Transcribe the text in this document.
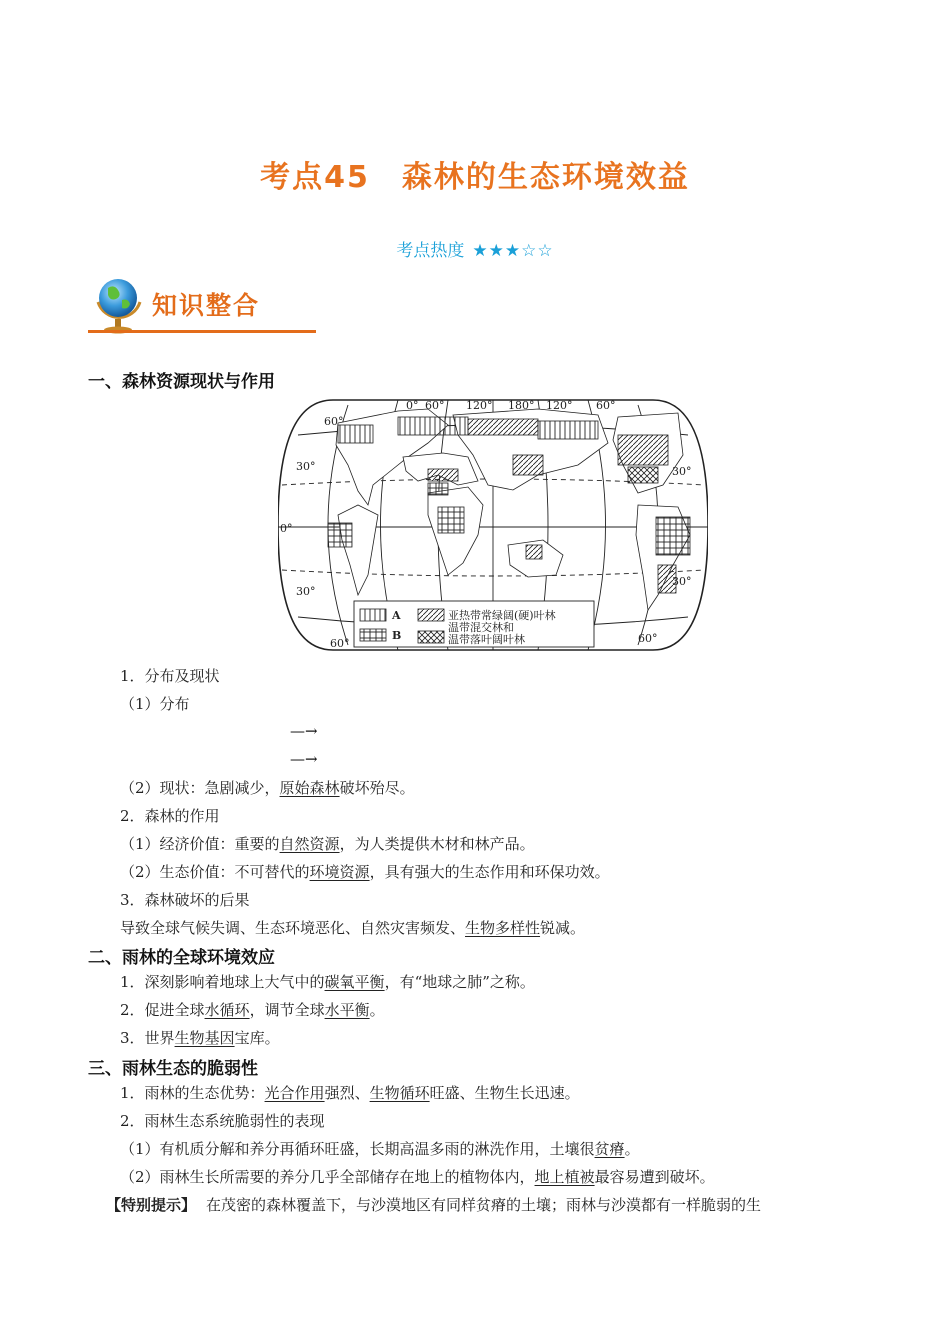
考点45　森林的生态环境效益
考点热度 ★★★☆☆
知识整合
一、森林资源现状与作用
0° 60° 120° 180° 120° 60°
60°
30°
0°
30°
60°
30°
30°
60°
A
B
亚热带常绿阔(硬)叶林
温带混交林和
温带落叶阔叶林
1．分布及现状
（1）分布
—→
—→
（2）现状：急剧减少，原始森林破坏殆尽。
2．森林的作用
（1）经济价值：重要的自然资源，为人类提供木材和林产品。
（2）生态价值：不可替代的环境资源，具有强大的生态作用和环保功效。
3．森林破坏的后果
导致全球气候失调、生态环境恶化、自然灾害频发、生物多样性锐减。
二、雨林的全球环境效应
1．深刻影响着地球上大气中的碳氧平衡，有“地球之肺”之称。
2．促进全球水循环，调节全球水平衡。
3．世界生物基因宝库。
三、雨林生态的脆弱性
1．雨林的生态优势：光合作用强烈、生物循环旺盛、生物生长迅速。
2．雨林生态系统脆弱性的表现
（1）有机质分解和养分再循环旺盛，长期高温多雨的淋洗作用，土壤很贫瘠。
（2）雨林生长所需要的养分几乎全部储存在地上的植物体内，地上植被最容易遭到破坏。
【特别提示】 在茂密的森林覆盖下，与沙漠地区有同样贫瘠的土壤；雨林与沙漠都有一样脆弱的生
